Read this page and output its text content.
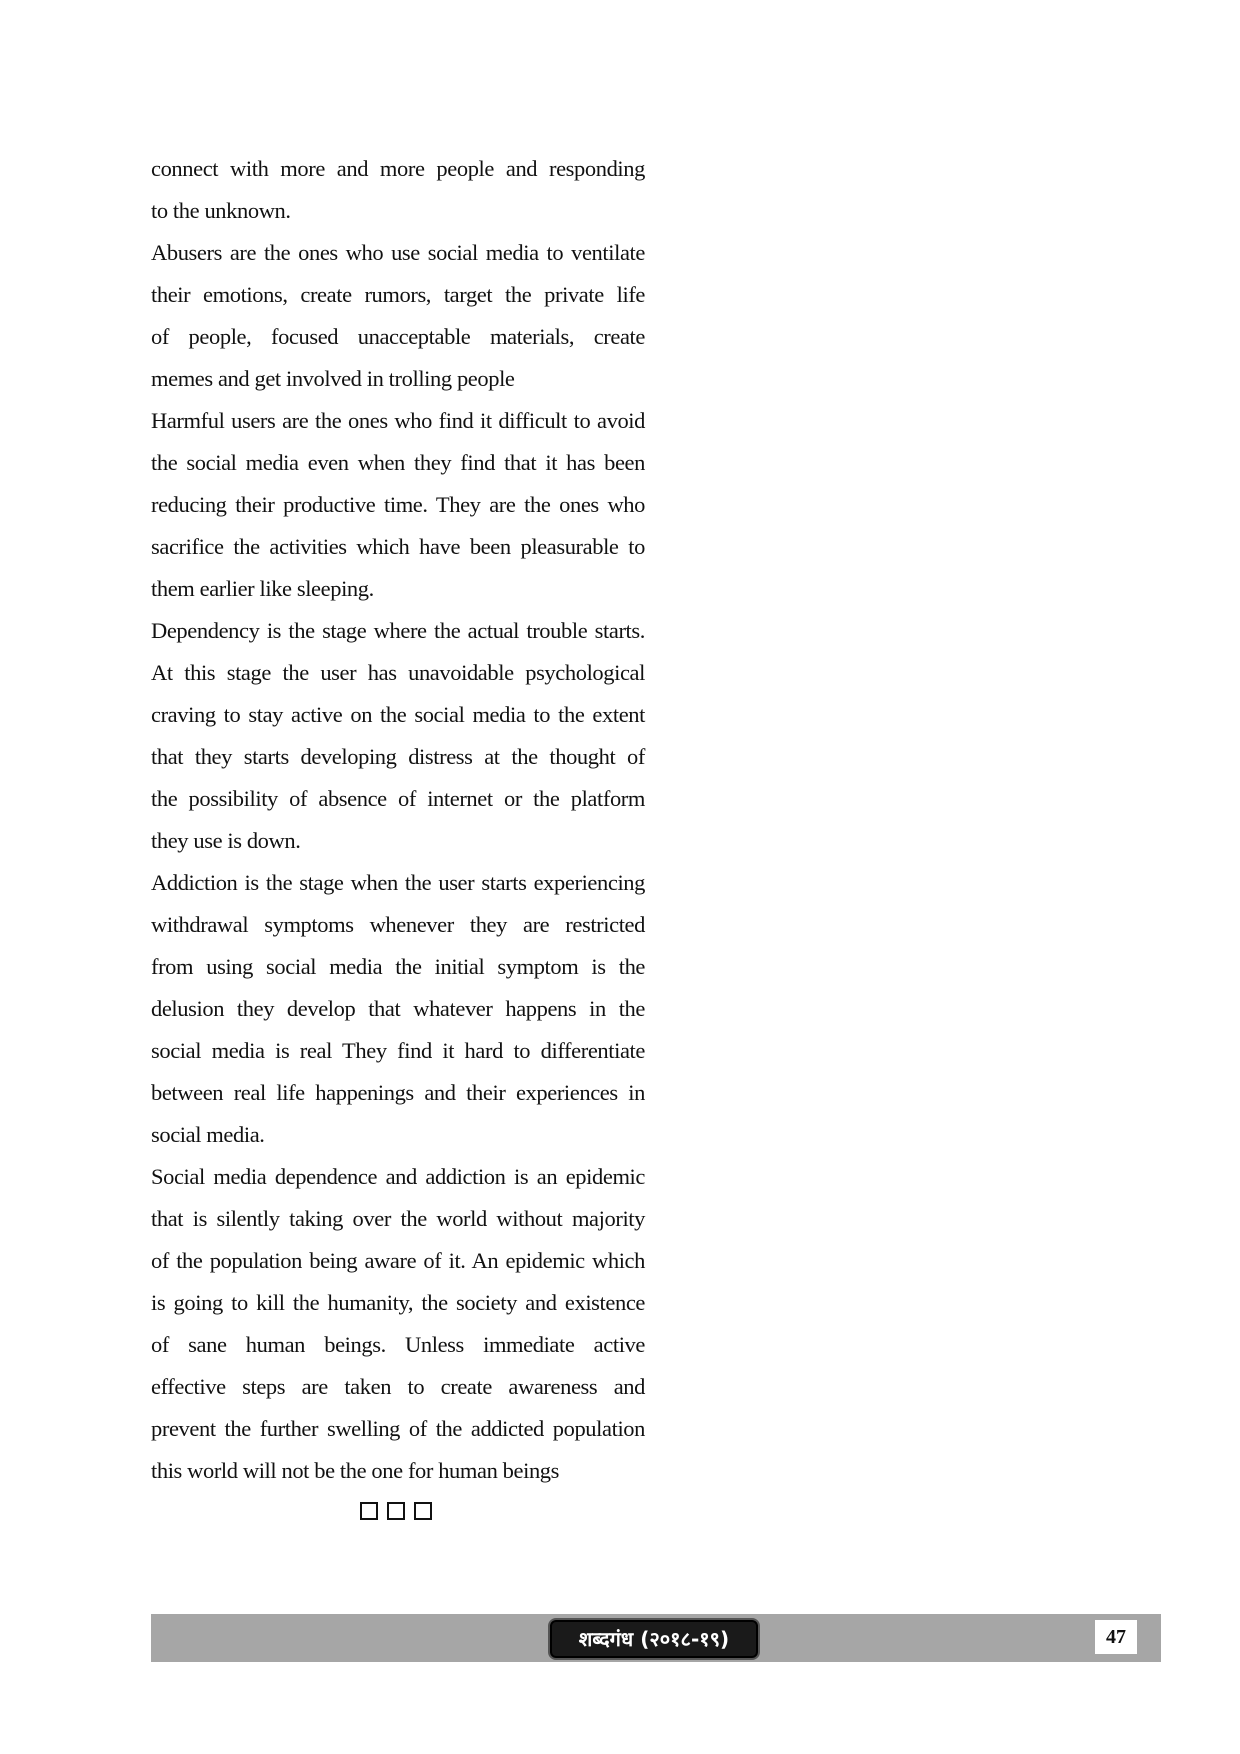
connect with more and more people and responding
to the unknown.
Abusers are the ones who use social media to ventilate
their emotions, create rumors, target the private life
of people, focused unacceptable materials, create
memes and get involved in trolling people
Harmful users are the ones who find it difficult to avoid
the social media even when they find that it has been
reducing their productive time. They are the ones who
sacrifice the activities which have been pleasurable to
them earlier like sleeping.
Dependency is the stage where the actual trouble starts.
At this stage the user has unavoidable psychological
craving to stay active on the social media to the extent
that they starts developing distress at the thought of
the possibility of absence of internet or the platform
they use is down.
Addiction is the stage when the user starts experiencing
withdrawal symptoms whenever they are restricted
from using social media the initial symptom is the
delusion they develop that whatever happens in the
social media is real They find it hard to differentiate
between real life happenings and their experiences in
social media.
Social media dependence and addiction is an epidemic
that is silently taking over the world without majority
of the population being aware of it. An epidemic which
is going to kill the humanity, the society and existence
of sane human beings. Unless immediate active
effective steps are taken to create awareness and
prevent the further swelling of the addicted population
this world will not be the one for human beings
शब्दगंध (२०१८-१९)	47
